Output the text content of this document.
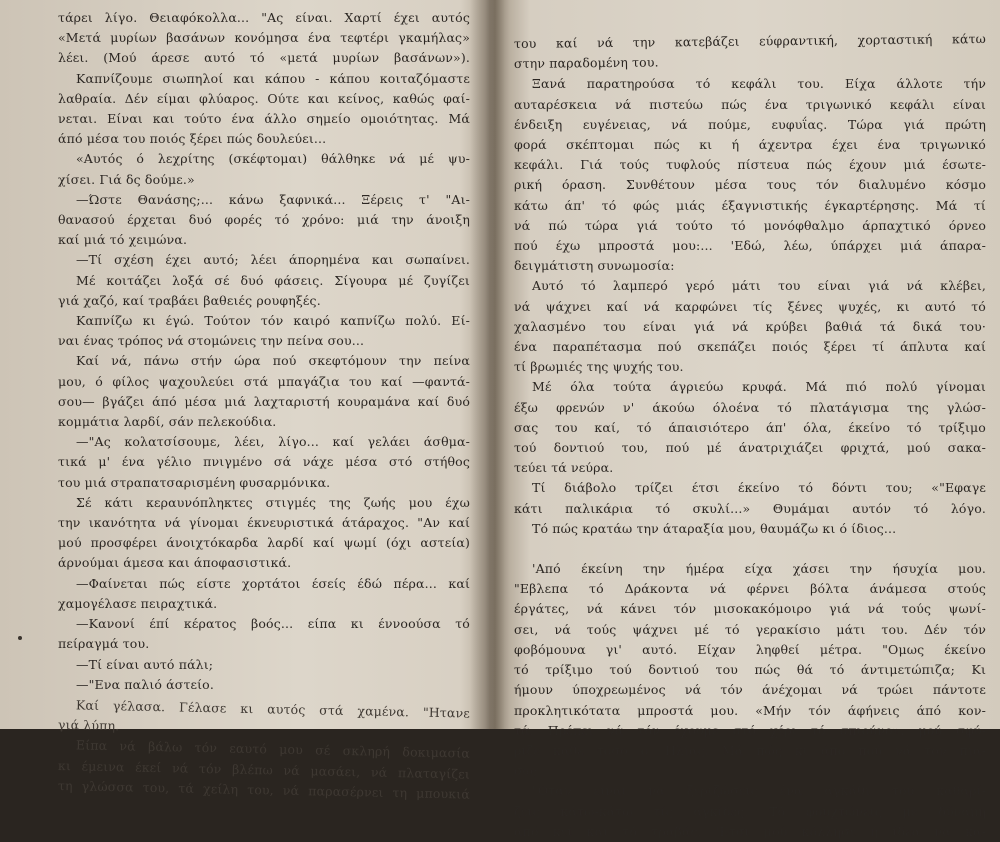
τάρει λίγο. Θειαφόκολλα... "Ας είναι. Χαρτί έχει αυτός
«Μετά μυρίων βασάνων κονόμησα ένα τεφτέρι γκαμήλας»
λέει. (Μού άρεσε αυτό τό «μετά μυρίων βασάνων»).
Καπνίζουμε σιωπηλοί και κάπου - κάπου κοιταζόμαστε
λαθραία. Δέν είμαι φλύαρος. Ούτε και κείνος, καθώς φαί-
νεται. Είναι και τούτο ένα άλλο σημείο ομοιότητας. Μά
άπό μέσα του ποιός ξέρει πώς δουλεύει...
«Αυτός ό λεχρίτης (σκέφτομαι) θάλθηκε νά μέ ψυ-
χίσει. Γιά δς δούμε.»
—Ώστε Θανάσης;... κάνω ξαφνικά... Ξέρεις τ' "Αι-
θανασού έρχεται δυό φορές τό χρόνο: μιά την άνοιξη
καί μιά τό χειμώνα.
—Τί σχέση έχει αυτό; λέει άπορημένα και σωπαίνει.
Μέ κοιτάζει λοξά σέ δυό φάσεις. Σίγουρα μέ ζυγίζει
γιά χαζό, καί τραβάει βαθειές ρουφηξές.
Καπνίζω κι έγώ. Τούτον τόν καιρό καπνίζω πολύ. Εί-
ναι ένας τρόπος νά στομώνεις την πείνα σου...
Καί νά, πάνω στήν ώρα πού σκεφτόμουν την πείνα
μου, ό φίλος ψαχουλεύει στά μπαγάζια του καί —φαντά-
σου— βγάζει άπό μέσα μιά λαχταριστή κουραμάνα καί δυό
κομμάτια λαρδί, σάν πελεκούδια.
—"Ας κολατσίσουμε, λέει, λίγο... καί γελάει άσθμα-
τικά μ' ένα γέλιο πνιγμένο σά νάχε μέσα στό στήθος
του μιά στραπατσαρισμένη φυσαρμόνικα.
Σέ κάτι κεραυνόπληκτες στιγμές της ζωής μου έχω
την ικανότητα νά γίνομαι έκνευριστικά άτάραχος. "Αν καί
μού προσφέρει άνοιχτόκαρδα λαρδί καί ψωμί (όχι αστεία)
άρνούμαι άμεσα και άποφασιστικά.
—Φαίνεται πώς είστε χορτάτοι έσείς έδώ πέρα... καί
χαμογέλασε πειραχτικά.
—Κανονί έπί κέρατος βοός... είπα κι έννοούσα τό
πείραγμά του.
—Τί είναι αυτό πάλι;
—"Ενα παλιό άστείο.
Καί γέλασα. Γέλασε κι αυτός στά χαμένα. "Ητανε
γιά λύπη.
Είπα νά βάλω τόν εαυτό μου σέ σκληρή δοκιμασία
κι έμεινα έκεί νά τόν βλέπω νά μασάει, νά πλαταγίζει
τη γλώσσα του, τά χείλη του, νά παρασέρνει τη μπουκιά
του καί νά την κατεβάζει εύφραντική, χορταστική κάτω
στην παραδομένη του.
Ξανά παρατηρούσα τό κεφάλι του. Είχα άλλοτε τήν
αυταρέσκεια νά πιστεύω πώς ένα τριγωνικό κεφάλι είναι
ένδειξη ευγένειας, νά πούμε, ευφυΐας. Τώρα γιά πρώτη
φορά σκέπτομαι πώς κι ή άχεντρα έχει ένα τριγωνικό
κεφάλι. Γιά τούς τυφλούς πίστευα πώς έχουν μιά έσωτε-
ρική όραση. Συνθέτουν μέσα τους τόν διαλυμένο κόσμο
κάτω άπ' τό φώς μιάς έξαγνιστικής έγκαρτέρησης. Μά τί
νά πώ τώρα γιά τούτο τό μονόφθαλμο άρπαχτικό όρνεο
πού έχω μπροστά μου:... 'Εδώ, λέω, ύπάρχει μιά άπαρα-
δειγμάτιστη συνωμοσία:
Αυτό τό λαμπερό γερό μάτι του είναι γιά νά κλέβει,
νά ψάχνει καί νά καρφώνει τίς ξένες ψυχές, κι αυτό τό
χαλασμένο του είναι γιά νά κρύβει βαθιά τά δικά του·
ένα παραπέτασμα πού σκεπάζει ποιός ξέρει τί άπλυτα καί
τί βρωμιές της ψυχής του.
Μέ όλα τούτα άγριεύω κρυφά. Μά πιό πολύ γίνομαι
έξω φρενών ν' άκούω όλοένα τό πλατάγισμα της γλώσ-
σας του καί, τό άπαισιότερο άπ' όλα, έκείνο τό τρίξιμο
τού δοντιού του, πού μέ άνατριχιάζει φριχτά, μού σακα-
τεύει τά νεύρα.
Τί διάβολο τρίζει έτσι έκείνο τό δόντι του; «"Εφαγε
κάτι παλικάρια τό σκυλί...» Θυμάμαι αυτόν τό λόγο.
Τό πώς κρατάω την άταραξία μου, θαυμάζω κι ό ίδιος...
'Από έκείνη την ήμέρα είχα χάσει την ήσυχία μου.
"Εβλεπα τό Δράκοντα νά φέρνει βόλτα άνάμεσα στούς
έργάτες, νά κάνει τόν μισοκακόμοιρο γιά νά τούς ψωνί-
σει, νά τούς ψάχνει μέ τό γερακίσιο μάτι του. Δέν τόν
φοβόμουνα γι' αυτό. Είχαν ληφθεί μέτρα. "Ομως έκείνο
τό τρίξιμο τού δοντιού του πώς θά τό άντιμετώπιζα; Κι
ήμουν ύποχρεωμένος νά τόν άνέχομαι νά τρώει πάντοτε
προκλητικότατα μπροστά μου. «Μήν τόν άφήνεις άπό κον-
τά. Πρέπει νά τόν έχουμε στό χέρι τό σπιούνο», μού σφύ-
ριζε κάθε τόσο ό 'Ηλίας. Μά πώς κι άπό πού νά τόν πια-
σω;
"Οταν είναι νά ξεριζώσεις ένα άγκάθι τού καθαρί-
ζεις κάτω-κάτω τίς άγκίδες. Τό φουχτώνεις μέ δύναμη
άπό κεί καί τό τραβάς. 'Ετσι μού κόλλησε ή ίδέα νά κα-
